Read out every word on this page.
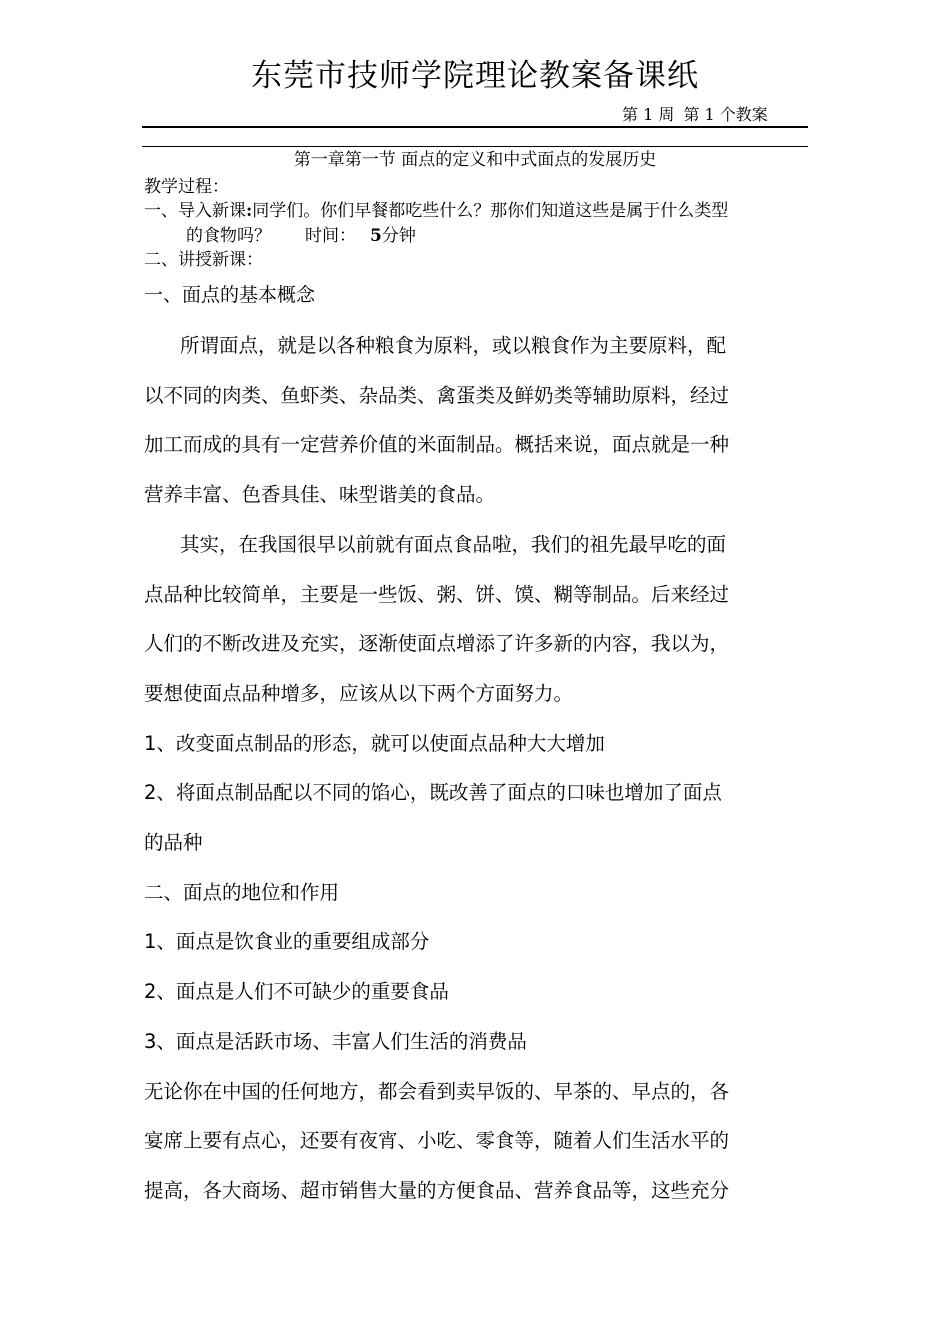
东莞市技师学院理论教案备课纸
第 1 周 第 1 个教案
第一章第一节 面点的定义和中式面点的发展历史
教学过程：
一、导入新课:同学们。你们早餐都吃些什么？那你们知道这些是属于什么类型
的食物吗？ 时间： 5分钟
二、讲授新课：
一、面点的基本概念
所谓面点，就是以各种粮食为原料，或以粮食作为主要原料，配
以不同的肉类、鱼虾类、杂品类、禽蛋类及鲜奶类等辅助原料，经过
加工而成的具有一定营养价值的米面制品。概括来说，面点就是一种
营养丰富、色香具佳、味型谐美的食品。
其实，在我国很早以前就有面点食品啦，我们的祖先最早吃的面
点品种比较简单，主要是一些饭、粥、饼、馍、糊等制品。后来经过
人们的不断改进及充实，逐渐使面点增添了许多新的内容，我以为，
要想使面点品种增多，应该从以下两个方面努力。
1、改变面点制品的形态，就可以使面点品种大大增加
2、将面点制品配以不同的馅心，既改善了面点的口味也增加了面点
的品种
二、面点的地位和作用
1、面点是饮食业的重要组成部分
2、面点是人们不可缺少的重要食品
3、面点是活跃市场、丰富人们生活的消费品
无论你在中国的任何地方，都会看到卖早饭的、早茶的、早点的，各
宴席上要有点心，还要有夜宵、小吃、零食等，随着人们生活水平的
提高，各大商场、超市销售大量的方便食品、营养食品等，这些充分
